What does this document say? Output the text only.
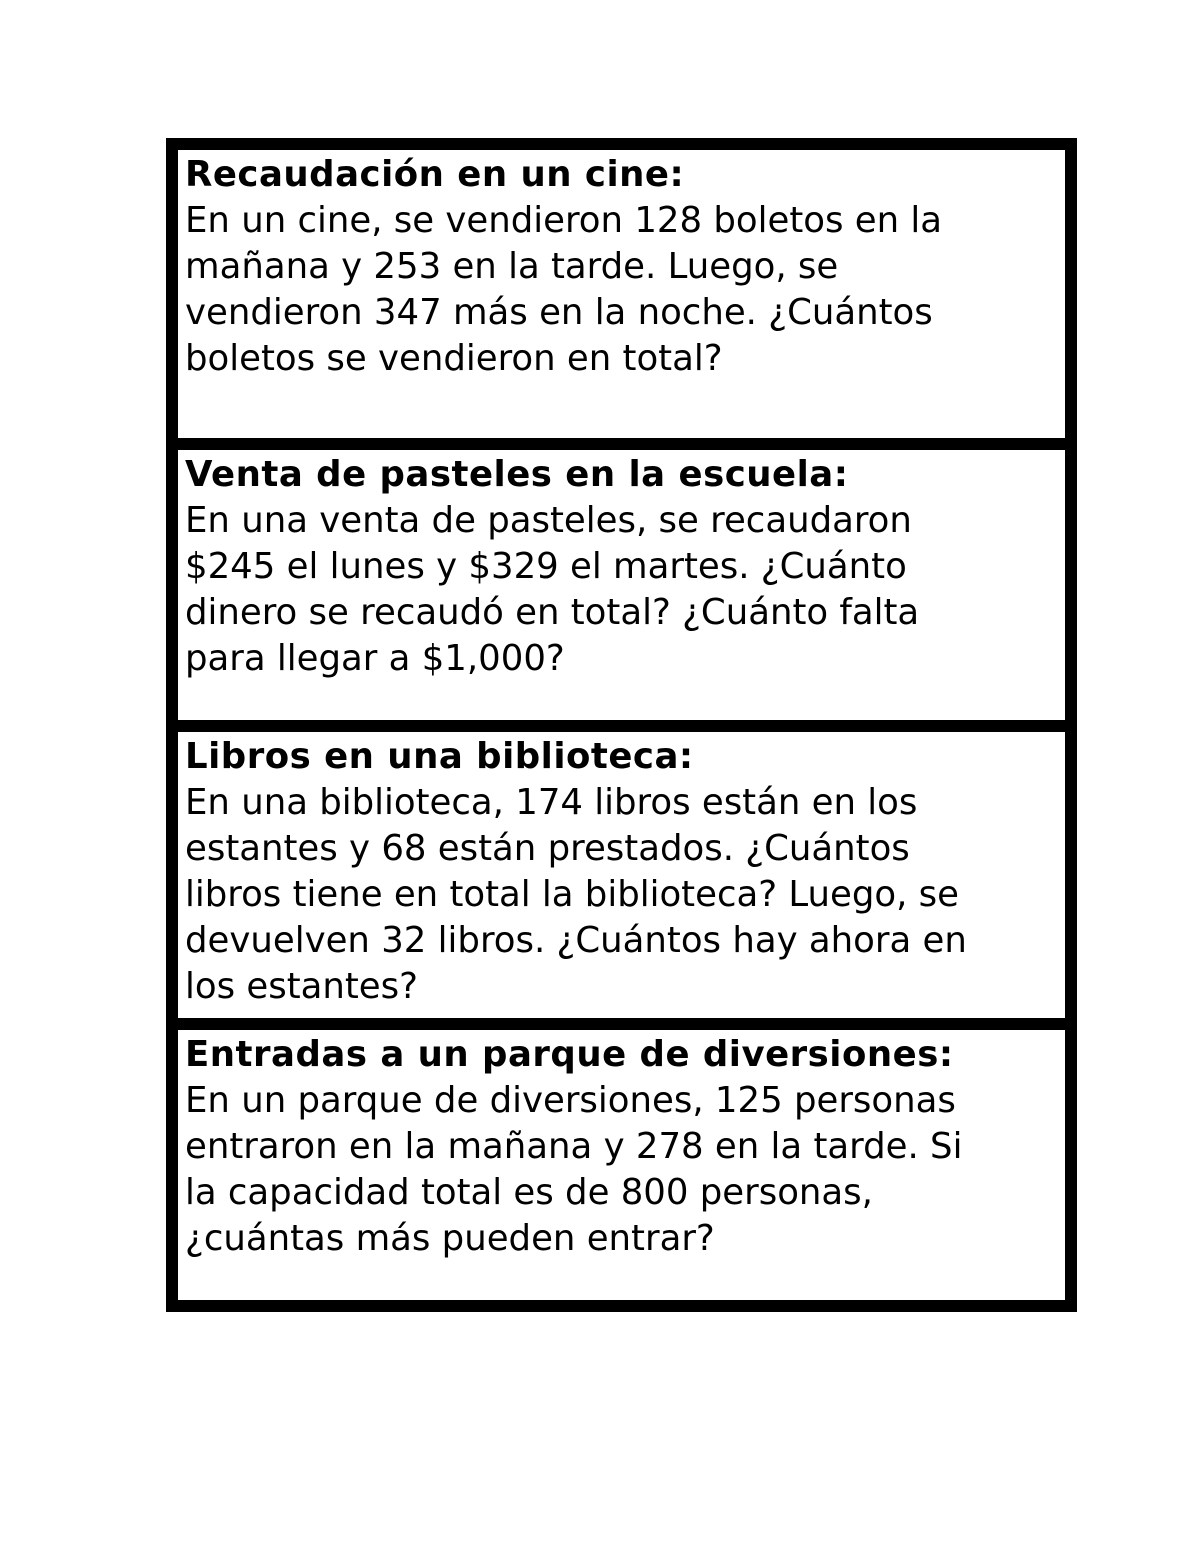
Recaudación en un cine:
En un cine, se vendieron 128 boletos en la
mañana y 253 en la tarde. Luego, se
vendieron 347 más en la noche. ¿Cuántos
boletos se vendieron en total?
Venta de pasteles en la escuela:
En una venta de pasteles, se recaudaron
$245 el lunes y $329 el martes. ¿Cuánto
dinero se recaudó en total? ¿Cuánto falta
para llegar a $1,000?
Libros en una biblioteca:
En una biblioteca, 174 libros están en los
estantes y 68 están prestados. ¿Cuántos
libros tiene en total la biblioteca? Luego, se
devuelven 32 libros. ¿Cuántos hay ahora en
los estantes?
Entradas a un parque de diversiones:
En un parque de diversiones, 125 personas
entraron en la mañana y 278 en la tarde. Si
la capacidad total es de 800 personas,
¿cuántas más pueden entrar?
